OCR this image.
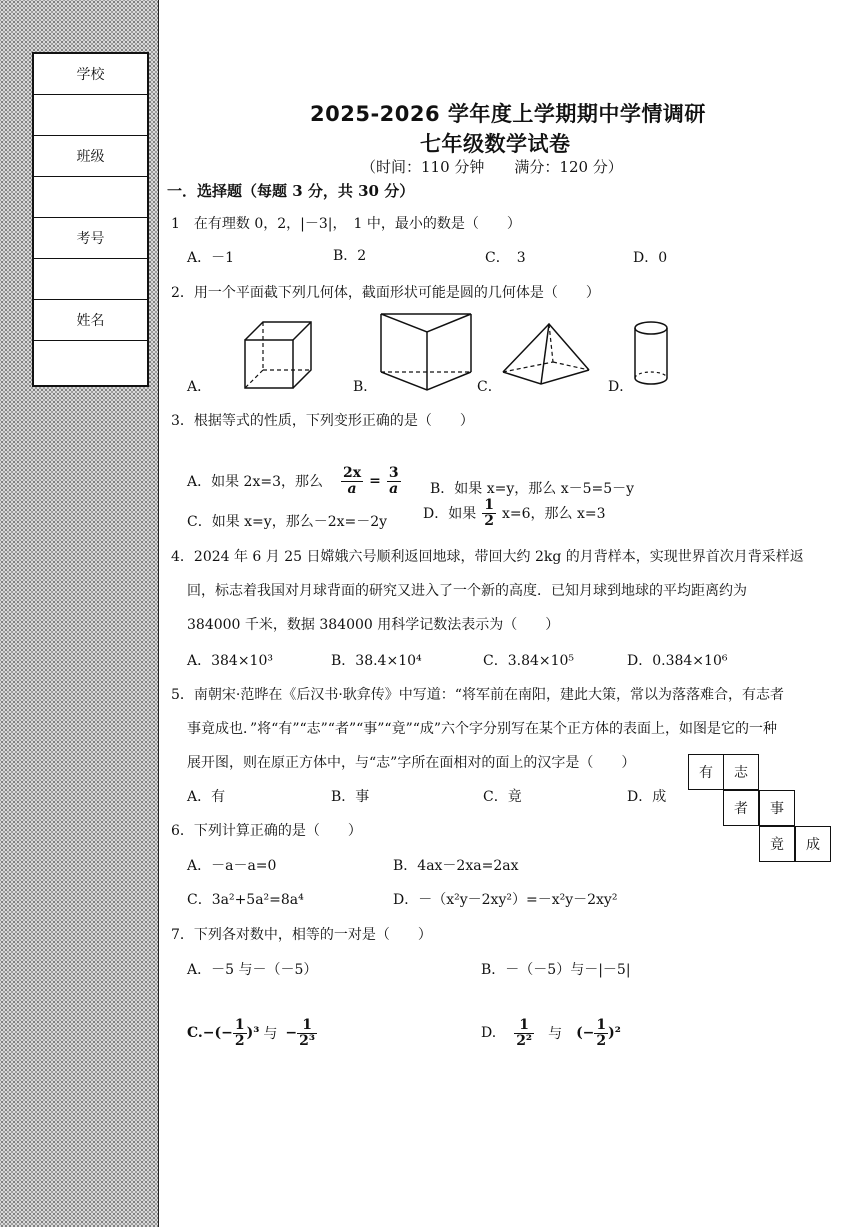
学校
班级
考号
姓名
2025-2026 学年度上学期期中学情调研
七年级数学试卷
（时间：110 分钟　　满分：120 分）
一．选择题（每题 3 分，共 30 分）
1　在有理数 0，2，|－3|，　1 中，最小的数是（　　）
A．－1	B．2	C．　3	D．0
2．用一个平面截下列几何体，截面形状可能是圆的几何体是（　　）
A．	B．	C．	D．
3．根据等式的性质，下列变形正确的是（　　）
A．如果 2x=3，那么 $\frac{2x}{a} = \frac{3}{a}$ B．如果 x=y，那么 x－5=5－y
C．如果 x=y，那么－2x=－2y	D．如果 $\frac{1}{2} x=6$，那么 x=3
4．2024 年 6 月 25 日嫦娥六号顺利返回地球，带回大约 2kg 的月背样本，实现世界首次月背采样返
回，标志着我国对月球背面的研究又进入了一个新的高度．已知月球到地球的平均距离约为
384000 千米，数据 384000 用科学记数法表示为（　　）
A．384×10³	B．38.4×10⁴	C．3.84×10⁵	D．0.384×10⁶
5．南朝宋·范晔在《后汉书·耿弇传》中写道：“将军前在南阳，建此大策，常以为落落难合，有志者
事竟成也．”将“有”“志”“者”“事”“竟”“成”六个字分别写在某个正方体的表面上，如图是它的一种
展开图，则在原正方体中，与“志”字所在面相对的面上的汉字是（　　）
A．有	B．事	C．竟	D．成
有	志
者	事
竟	成
6．下列计算正确的是（　　）
A．－a－a=0	B．4ax－2xa=2ax
C．3a²+5a²=8a⁴	D．－（x²y－2xy²）=－x²y－2xy²
7．下列各对数中，相等的一对是（　　）
A．－5 与－（－5）	B．－（－5）与－|－5|
C. −(− $\frac{1}{2} )^3$ 与 − $\frac{1}{\text{2³}}$	D. $\frac{1}{\text{2²}}$ 与 (− $\frac{1}{2} )^2$
